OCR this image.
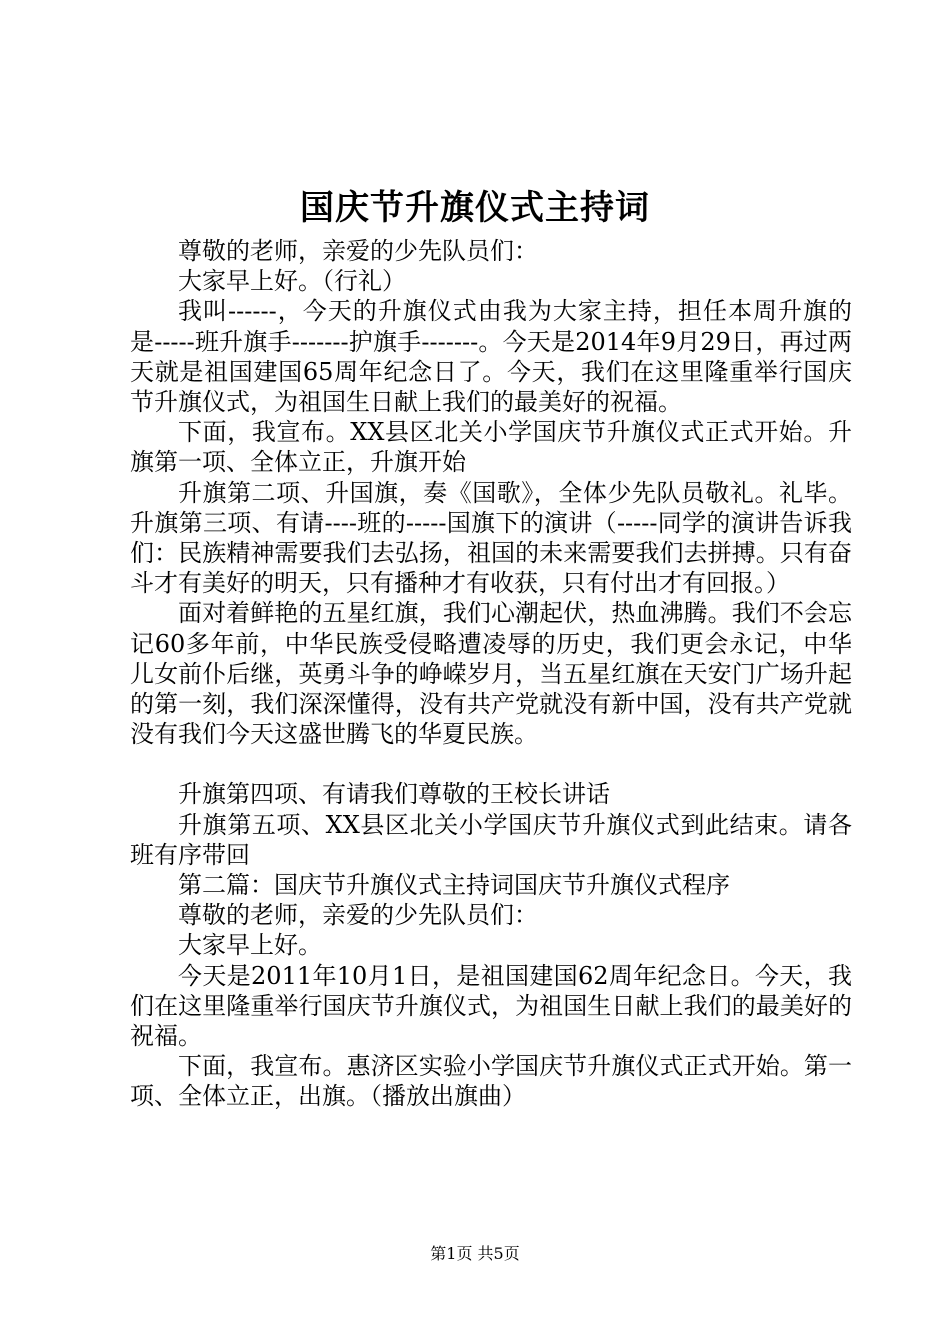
国庆节升旗仪式主持词

尊敬的老师，亲爱的少先队员们：

大家早上好。（行礼）

我叫------，今天的升旗仪式由我为大家主持，担任本周升旗的是-----班升旗手-------护旗手-------。今天是2014年9月29日，再过两天就是祖国建国65周年纪念日了。今天，我们在这里隆重举行国庆节升旗仪式，为祖国生日献上我们的最美好的祝福。

下面，我宣布。XX县区北关小学国庆节升旗仪式正式开始。升旗第一项、全体立正，升旗开始

升旗第二项、升国旗，奏《国歌》，全体少先队员敬礼。礼毕。升旗第三项、有请----班的-----国旗下的演讲（-----同学的演讲告诉我们：民族精神需要我们去弘扬，祖国的未来需要我们去拼搏。只有奋斗才有美好的明天，只有播种才有收获，只有付出才有回报。）

面对着鲜艳的五星红旗，我们心潮起伏，热血沸腾。我们不会忘记60多年前，中华民族受侵略遭凌辱的历史，我们更会永记，中华儿女前仆后继，英勇斗争的峥嵘岁月，当五星红旗在天安门广场升起的第一刻，我们深深懂得，没有共产党就没有新中国，没有共产党就没有我们今天这盛世腾飞的华夏民族。

升旗第四项、有请我们尊敬的王校长讲话

升旗第五项、XX县区北关小学国庆节升旗仪式到此结束。请各班有序带回

第二篇：国庆节升旗仪式主持词国庆节升旗仪式程序

尊敬的老师，亲爱的少先队员们：

大家早上好。

今天是2011年10月1日，是祖国建国62周年纪念日。今天，我们在这里隆重举行国庆节升旗仪式，为祖国生日献上我们的最美好的祝福。

下面，我宣布。惠济区实验小学国庆节升旗仪式正式开始。第一项、全体立正，出旗。（播放出旗曲）

第1页 共5页
